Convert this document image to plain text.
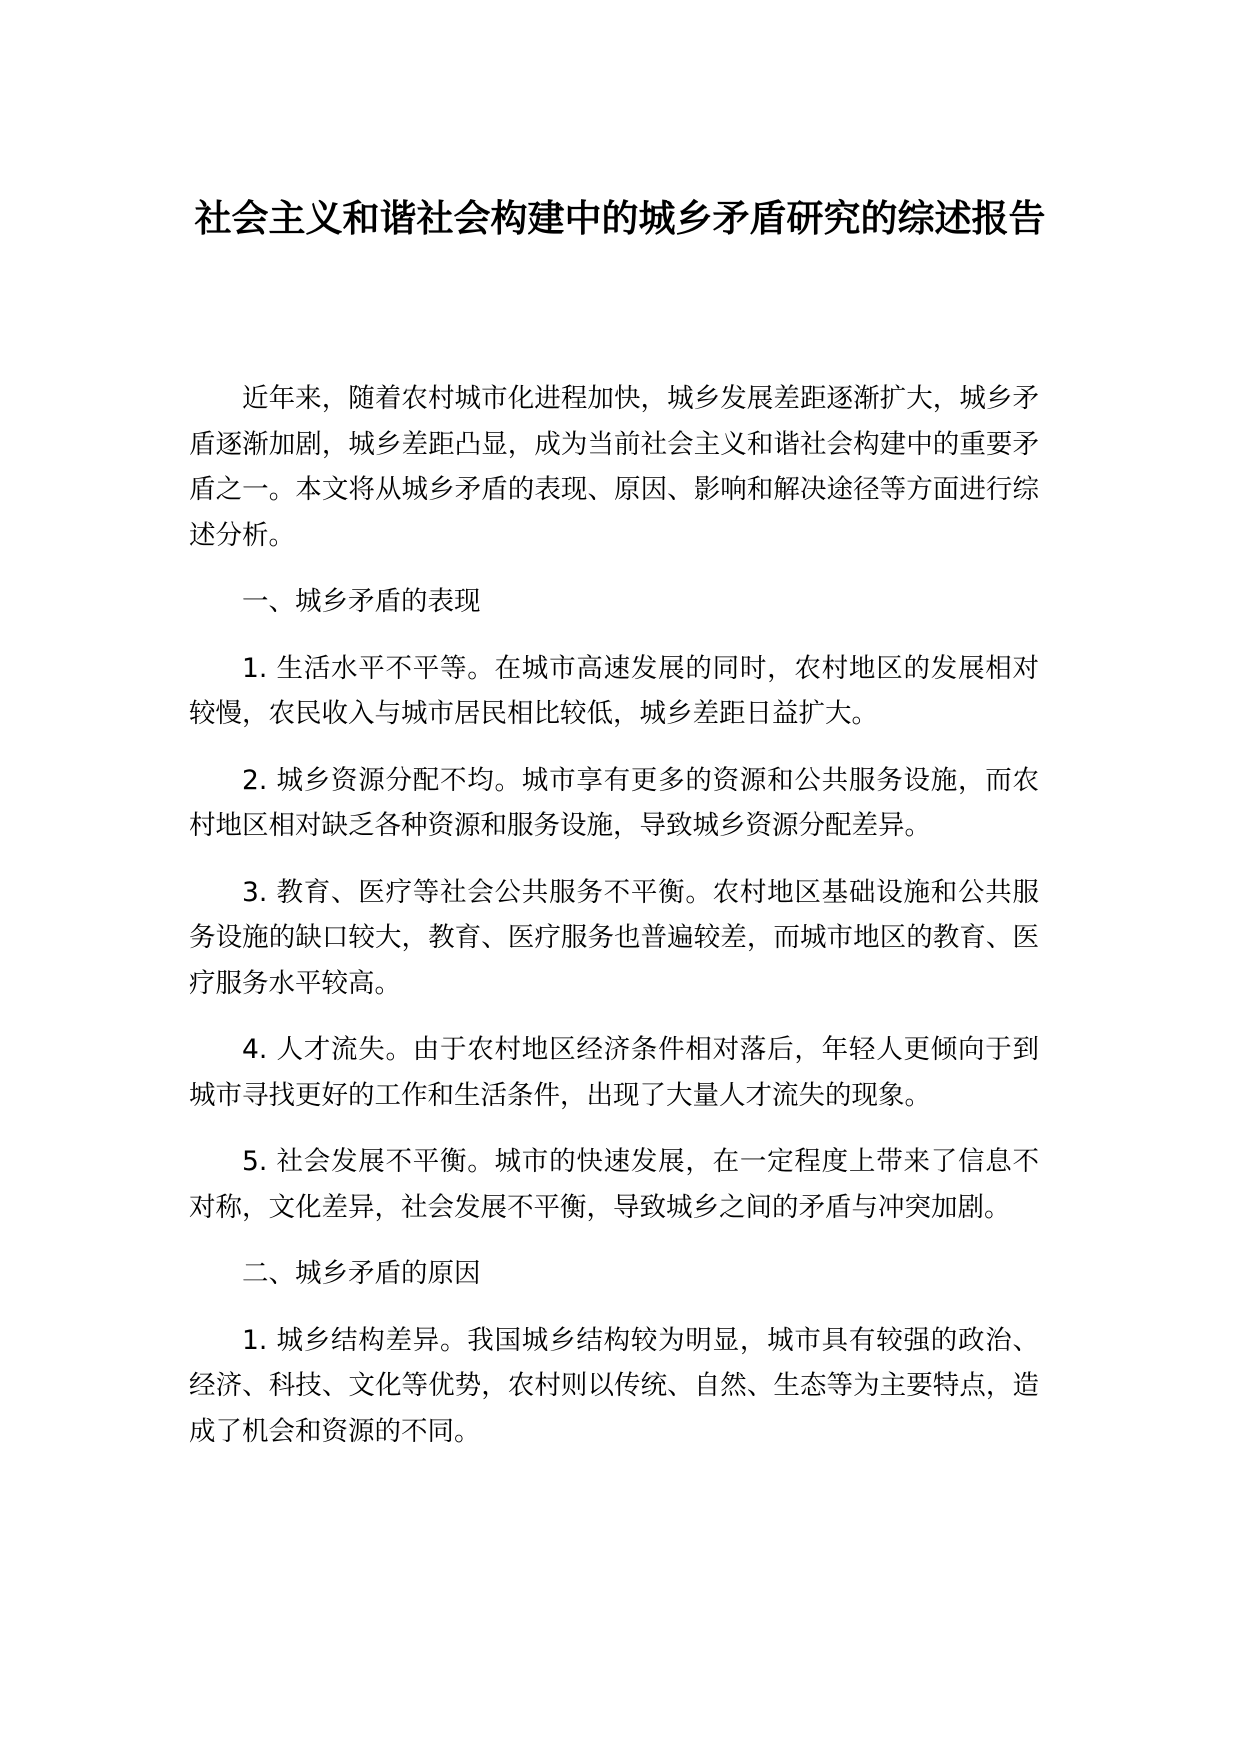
社会主义和谐社会构建中的城乡矛盾研究的综述报告

近年来，随着农村城市化进程加快，城乡发展差距逐渐扩大，城乡矛盾逐渐加剧，城乡差距凸显，成为当前社会主义和谐社会构建中的重要矛盾之一。本文将从城乡矛盾的表现、原因、影响和解决途径等方面进行综述分析。

一、城乡矛盾的表现

1. 生活水平不平等。在城市高速发展的同时，农村地区的发展相对较慢，农民收入与城市居民相比较低，城乡差距日益扩大。

2. 城乡资源分配不均。城市享有更多的资源和公共服务设施，而农村地区相对缺乏各种资源和服务设施，导致城乡资源分配差异。

3. 教育、医疗等社会公共服务不平衡。农村地区基础设施和公共服务设施的缺口较大，教育、医疗服务也普遍较差，而城市地区的教育、医疗服务水平较高。

4. 人才流失。由于农村地区经济条件相对落后，年轻人更倾向于到城市寻找更好的工作和生活条件，出现了大量人才流失的现象。

5. 社会发展不平衡。城市的快速发展，在一定程度上带来了信息不对称，文化差异，社会发展不平衡，导致城乡之间的矛盾与冲突加剧。

二、城乡矛盾的原因

1. 城乡结构差异。我国城乡结构较为明显，城市具有较强的政治、经济、科技、文化等优势，农村则以传统、自然、生态等为主要特点，造成了机会和资源的不同。
